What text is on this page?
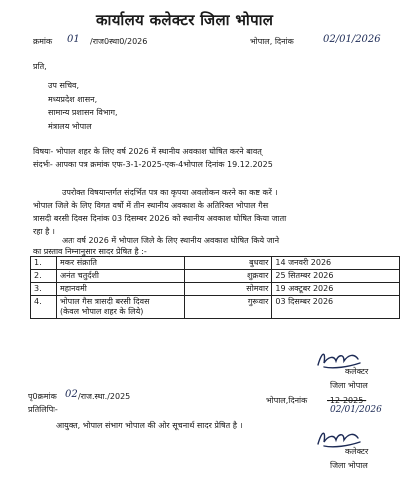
कार्यालय कलेक्टर जिला भोपाल
क्रमांक 01 /राज0स्था0/2026	भोपाल, दिनांक	02/01/2026
प्रति,
उप सचिव,
मध्यप्रदेश शासन,
सामान्य प्रशासन विभाग,
मंत्रालय भोपाल
विषयः- भोपाल शहर के लिए वर्ष 2026 में स्थानीय अवकाश घोषित करने बावत्
संदर्भः- आपका पत्र क्रमांक एफ-3-1-2025-एक-4भोपाल दिनांक 19.12.2025
उपरोक्त विषयान्तर्गत संदर्भित पत्र का कृपया अवलोकन करने का कष्ट करें ।
भोपाल जिले के लिए विगत वर्षो में तीन स्थानीय अवकाश के अतिरिक्त भोपाल गैस
त्रासदी बरसी दिवस दिनांक 03 दिसम्बर 2026 को स्थानीय अवकाश घोषित किया जाता
रहा है ।
अतः वर्ष 2026 में भोपाल जिले के लिए स्थानीय अवकाश घोषित किये जाने
का प्रस्ताव निम्नानुसार सादर प्रेषित है :-
1.	मकर संक्राति	बुधवार	14 जनवरी 2026
2.	अनंत चतुर्दशी	शुक्रवार	25 सितम्बर 2026
3.	महानवमी	सोमवार	19 अक्टूबर 2026
4.	भोपाल गैस त्रासदी बरसी दिवस
(केवल भोपाल शहर के लिये)	गुरूवार	03 दिसम्बर 2026
कलेक्टर
जिला भोपाल
पृ0क्रमांक 02 /राज.स्था./2025
प्रतिलिपिः-
भोपाल,दिनांक -12-2025-
02/01/2026
आयुक्त, भोपाल संभाग भोपाल की ओर सूचनार्थ सादर प्रेषित है ।
कलेक्टर
जिला भोपाल
